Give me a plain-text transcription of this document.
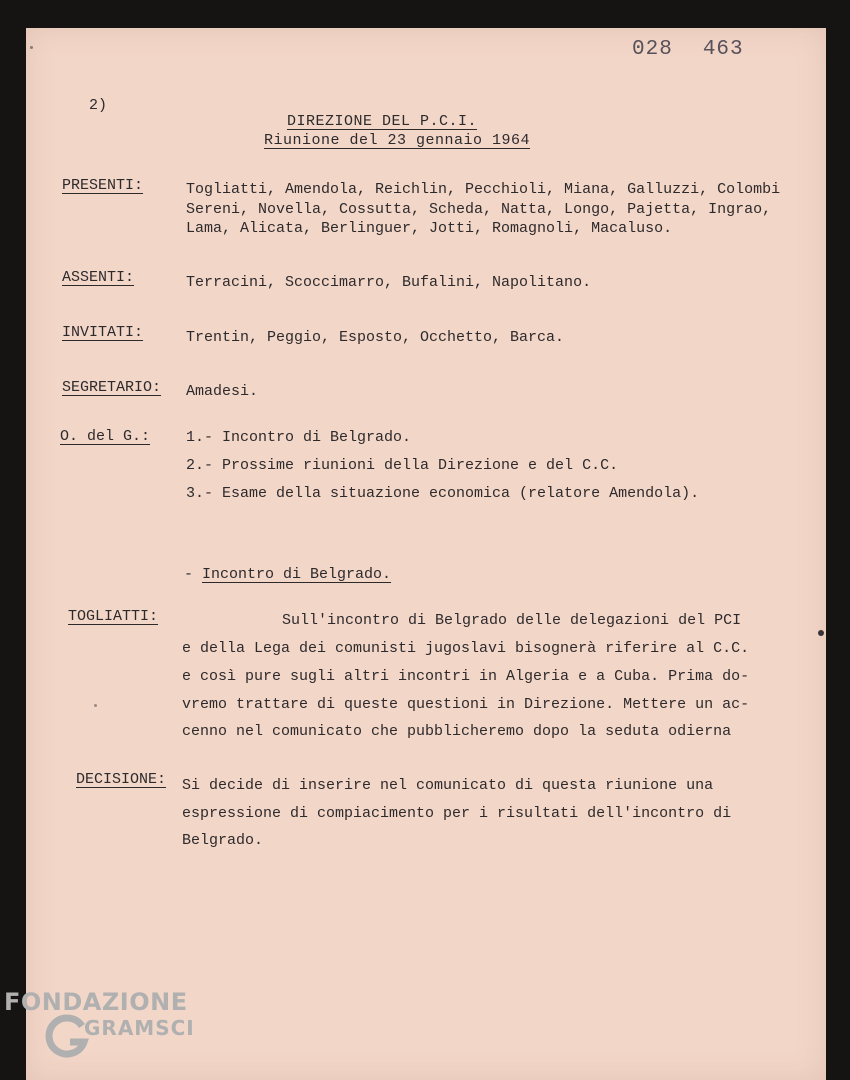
028 463
2)
DIREZIONE DEL P.C.I.
Riunione del 23 gennaio 1964
PRESENTI:	Togliatti, Amendola, Reichlin, Pecchioli, Miana, Galluzzi, Colombi
Sereni, Novella, Cossutta, Scheda, Natta, Longo, Pajetta, Ingrao,
Lama, Alicata, Berlinguer, Jotti, Romagnoli, Macaluso.
ASSENTI:	Terracini, Scoccimarro, Bufalini, Napolitano.
INVITATI:	Trentin, Peggio, Esposto, Occhetto, Barca.
SEGRETARIO: Amadesi.
O. del G.: 1.- Incontro di Belgrado.
2.- Prossime riunioni della Direzione e del C.C.
3.- Esame della situazione economica (relatore Amendola).
- Incontro di Belgrado.
TOGLIATTI:	Sull'incontro di Belgrado delle delegazioni del PCI
e della Lega dei comunisti jugoslavi bisognerà riferire al C.C.
e così pure sugli altri incontri in Algeria e a Cuba. Prima do-
vremo trattare di queste questioni in Direzione. Mettere un ac-
cenno nel comunicato che pubblicheremo dopo la seduta odierna
DECISIONE: Si decide di inserire nel comunicato di questa riunione una
espressione di compiacimento per i risultati dell'incontro di
Belgrado.
FONDAZIONE
GRAMSCI
